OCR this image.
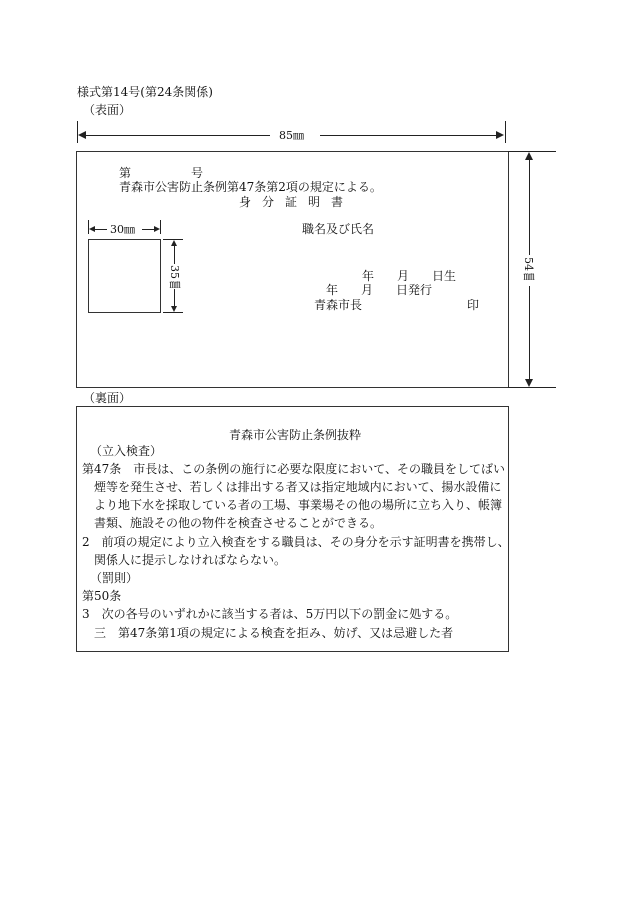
様式第14号(第24条関係)
（表面）
85㎜
54㎜
第	号
青森市公害防止条例第47条第2項の規定による。
身分証明書
職名及び氏名
30㎜
35㎜	年 月 日生
年 月 日発行
青森市長	印
（裏面）
青森市公害防止条例抜粋

（立入検査）

第47条　市長は、この条例の施行に必要な限度において、その職員をしてばい

煙等を発生させ、若しくは排出する者又は指定地域内において、揚水設備に

より地下水を採取している者の工場、事業場その他の場所に立ち入り、帳簿

書類、施設その他の物件を検査させることができる。

2　前項の規定により立入検査をする職員は、その身分を示す証明書を携帯し、

関係人に提示しなければならない。

（罰則）

第50条

3　次の各号のいずれかに該当する者は、5万円以下の罰金に処する。

三　第47条第1項の規定による検査を拒み、妨げ、又は忌避した者
